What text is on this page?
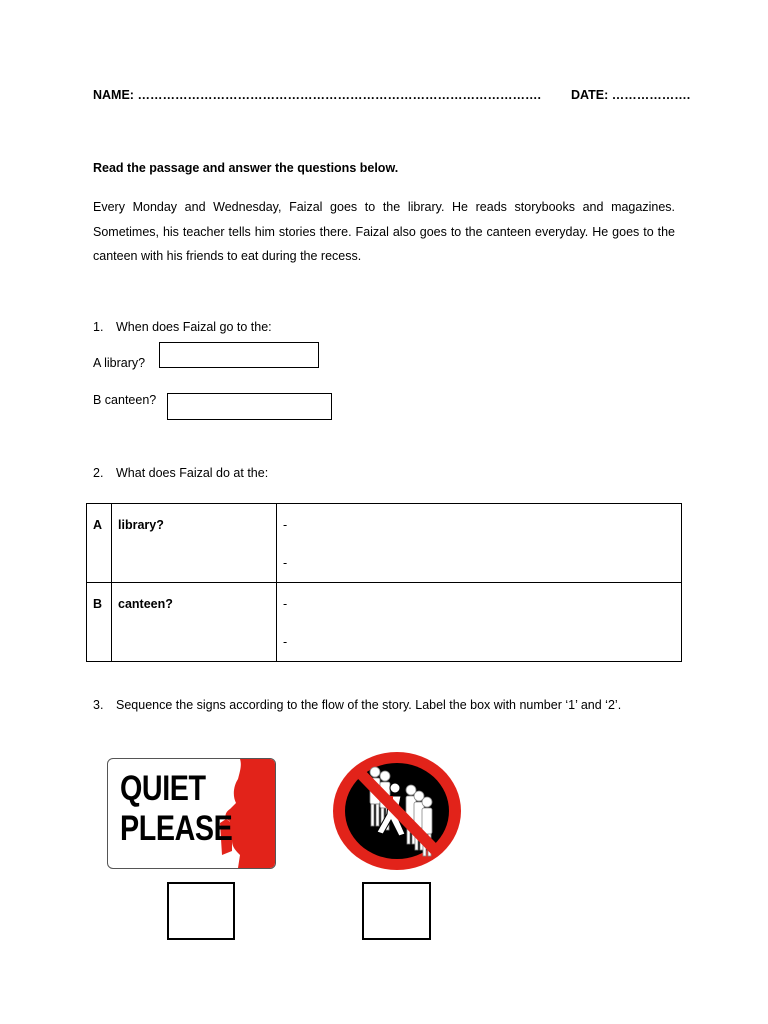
NAME: ……………………………………………………………………………………. DATE: ……………….
Read the passage and answer the questions below.
Every Monday and Wednesday, Faizal goes to the library. He reads storybooks and magazines. Sometimes, his teacher tells him stories there. Faizal also goes to the canteen everyday. He goes to the canteen with his friends to eat during the recess.
1. When does Faizal go to the:
A library?
B canteen?
2. What does Faizal do at the:
A	library?	-
-

B	canteen?	-
-
3. Sequence the signs according to the flow of the story. Label the box with number ‘1’ and ‘2’.
QUIET
PLEASE
